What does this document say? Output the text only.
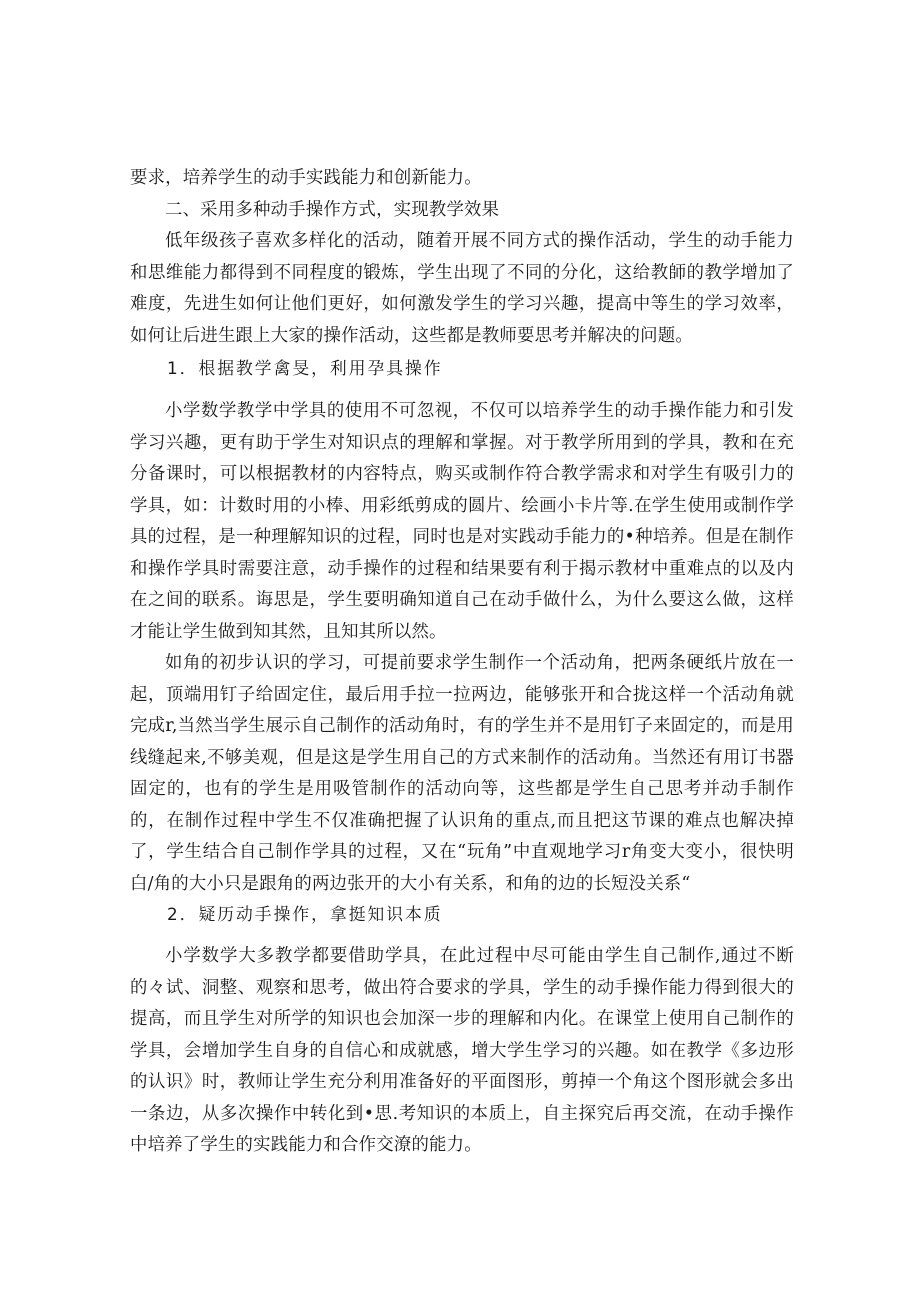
要求，培养学生的动手实践能力和创新能力。

二、采用多种动手操作方式，实现教学效果

低年级孩子喜欢多样化的活动，随着开展不同方式的操作活动，学生的动手能力和思维能力都得到不同程度的锻炼，学生出现了不同的分化，这给教師的教学增加了难度，先进生如何让他们更好，如何激发学生的学习兴趣，提高中等生的学习效率，如何让后进生跟上大家的操作活动，这些都是教师要思考并解决的问题。

1．根据教学禽旻，利用孕具操作

小学数学教学中学具的使用不可忽视，不仅可以培养学生的动手操作能力和引发学习兴趣，更有助于学生对知识点的理解和掌握。对于教学所用到的学具，教和在充分备课时，可以根据教材的内容特点，购买或制作符合教学需求和对学生有吸引力的学具，如：计数时用的小棒、用彩纸剪成的圆片、绘画小卡片等.在学生使用或制作学具的过程，是一种理解知识的过程，同时也是对实践动手能力的•种培养。但是在制作和操作学具时需要注意，动手操作的过程和结果要有利于揭示教材中重难点的以及内在之间的联系。诲思是，学生要明确知道自己在动手做什么，为什么要这么做，这样才能让学生做到知其然，且知其所以然。

如角的初步认识的学习，可提前要求学生制作一个活动角，把两条硬纸片放在一起，顶端用钉子给固定住，最后用手拉一拉两边，能够张开和合拢这样一个活动角就完成r,当然当学生展示自己制作的活动角时，有的学生并不是用钉子来固定的，而是用线缝起来,不够美观，但是这是学生用自己的方式来制作的活动角。当然还有用订书器固定的，也有的学生是用吸管制作的活动向等，这些都是学生自己思考并动手制作的，在制作过程中学生不仅准确把握了认识角的重点,而且把这节课的难点也解决掉了，学生结合自己制作学具的过程，又在“玩角”中直观地学习r角变大变小，很快明白/角的大小只是跟角的两边张开的大小有关系，和角的边的长短没关系“

2．疑历动手操作，拿挺知识本质

小学数学大多教学都要借助学具，在此过程中尽可能由学生自己制作,通过不断的々试、洞整、观察和思考，做出符合要求的学具，学生的动手操作能力得到很大的提高，而且学生对所学的知识也会加深一步的理解和内化。在课堂上使用自己制作的学具，会增加学生自身的自信心和成就感，增大学生学习的兴趣。如在教学《多边形的认识》时，教师让学生充分利用准备好的平面图形，剪掉一个角这个图形就会多出一条边，从多次操作中转化到•思.考知识的本质上，自主探究后再交流，在动手操作中培养了学生的实践能力和合作交潦的能力。
